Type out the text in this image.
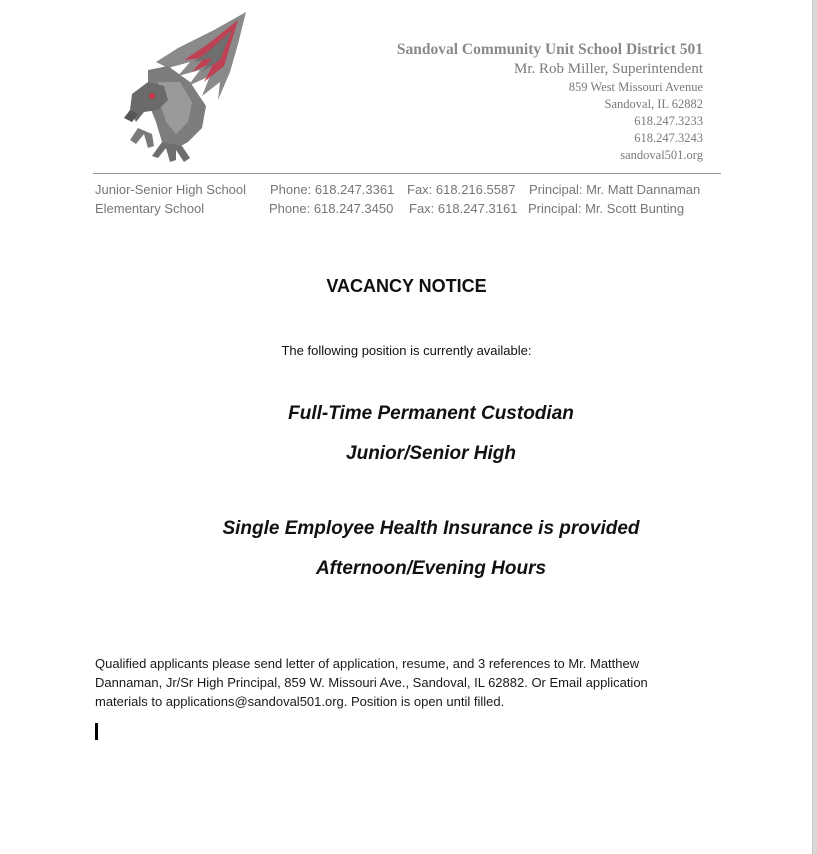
Sandoval Community Unit School District 501
Mr. Rob Miller, Superintendent
859 West Missouri Avenue
Sandoval, IL 62882
618.247.3233
618.247.3243
sandoval501.org
Junior-Senior High School Phone: 618.247.3361 Fax: 618.216.5587 Principal: Mr. Matt Dannaman
Elementary School	Phone: 618.247.3450 Fax: 618.247.3161 Principal: Mr. Scott Bunting
VACANCY NOTICE
The following position is currently available:
Full-Time Permanent Custodian
Junior/Senior High
Single Employee Health Insurance is provided
Afternoon/Evening Hours
Qualified applicants please send letter of application, resume, and 3 references to Mr. Matthew Dannaman, Jr/Sr High Principal, 859 W. Missouri Ave., Sandoval, IL 62882. Or Email application materials to applications@sandoval501.org. Position is open until filled.
